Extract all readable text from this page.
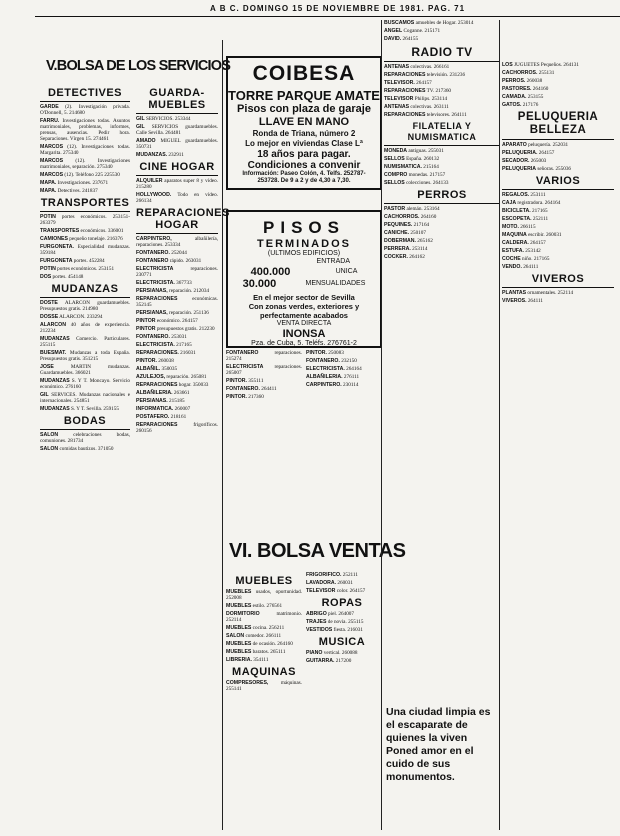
A B C. DOMINGO 15 DE NOVIEMBRE DE 1981. PAG. 71
V.BOLSA DE LOS SERVICIOS
DETECTIVES

GARDE (2). Investigación privada. O'Donnell, 5. 214680

FARRU. Investigaciones todas. Asuntos matrimoniales, problemas, informes, prensas, ausencias. Pedir hora. Separaciones. Vírgen 15. 274461

MARCOS (12). Investigaciones todas. Margarita. 275340

MARCOS (12). Investigaciones matrimoniales, separación. 275340

MARCOS (12). Teléfono 225 225530

MAPA. Investigaciones. 237671

MAPA. Detectives. 241837

TRANSPORTES

POTIN portes económicos. 253151-263379

TRANSPORTES económicos. 336001

CAMIONES pequeño tonelaje. 216376

FURGONETA. Especialidad mudanzas. 359184

FURGONETA portes. 452284

POTIN portes económicos. 253151

DOS portes. 454148

MUDANZAS

DOSTE ALARCON guardamuebles. Presupuestos gratis. 214980

DOSSE ALARCON. 233294

ALARCON 40 años de experiencia. 212234

MUDANZAS Comercio. Particulares. 255115

BUESMAT. Mudanzas a toda España. Presupuestos gratis. 351215

JOSE MARTIN mudanzas. Guardamuebles. 366021

MUDANZAS S. Y T. Moncayo. Servicio económico. 276160

GIL SERVICES. Mudanzas nacionales e internacionales. 254851

MUDANZAS S. Y T. Sevilla. 259155

BODAS

SALON celebraciones bodas, comuniones. 281734

SALON comidas bautizos. 371050

GUARDA-MUEBLES

GIL SERVICIOS. 253344

GIL SERVICIOS guardamuebles. Calle Sevilla. 264481

AMADO MIGUEL guardamuebles. 350731

MUDANZAS. 232911

CINE HOGAR

ALQUILER aparatos super 8 y vídeo. 215280

HOLLYWOOD. Todo en vídeo. 266134

REPARACIONES HOGAR

CARPINTERO, albañilería, reparaciones. 253334

FONTANERO. 252044

FONTANERO rápido. 263031

ELECTRICISTA reparaciones. 230771

ELECTRICISTA. 367733

PERSIANAS, reparación. 212034

REPARACIONES económicas. 352145

PERSIANAS, reparación. 251136

PINTOR económico. 264157

PINTOR presupuestos gratis. 212230

FONTANERO. 253031

ELECTRICISTA. 217165

REPARACIONES. 216031

PINTOR. 260038

ALBAÑIL. 350035

AZULEJOS, reparación. 265081

REPARACIONES hogar. 350033

ALBAÑILERIA. 263661

PERSIANAS. 215185

INFORMATICA. 260007

POSTAFERO. 218161

REPARACIONES frigoríficos. 260156

COIBESA
TORRE PARQUE AMATE
Pisos con plaza de garaje
LLAVE EN MANO
Ronda de Triana, número 2
Lo mejor en viviendas Clase Lª
18 años para pagar.
Condiciones a convenir
Información: Paseo Colón, 4. Telfs. 252787-253728. De 9 a 2 y de 4,30 a 7,30.
PISOS
TERMINADOS
(ULTIMOS EDIFICIOS)
ENTRADA
400.000	UNICA
30.000	MENSUALIDADES
En el mejor sector de Sevilla
Con zonas verdes, exteriores y perfectamente acabados
VENTA DIRECTA
INONSA
Pza. de Cuba, 5. Teléfs. 276761-2

FONTANERO reparaciones. 215274

ELECTRICISTA reparaciones. 265007

PINTOR. 355111

FONTANERO. 264411

PINTOR. 217360

PINTOR. 250083

FONTANERO. 232150

ELECTRICISTA. 264164

ALBAÑILERIA. 276111

CARPINTERO. 230114

VI. BOLSA VENTAS
MUEBLES

MUEBLES usados, oportunidad. 252008

MUEBLES estilo. 276561

DORMITORIO matrimonio. 252114

MUEBLES cocina. 256211

SALON comedor. 266111

MUEBLES de ocasión. 264160

MUEBLES baratos. 265111

LIBRERIA. 354111

MAQUINAS

COMPRESORES, máquinas. 255141

FRIGORIFICO. 252111

LAVADORA. 260031

TELEVISOR color. 264157

ROPAS

ABRIGO piel. 264007

TRAJES de novia. 255115

VESTIDOS fiesta. 216031

MUSICA

PIANO vertical. 260088

GUITARRA. 217200

BUSCAMOS amuebles de Hogar. 253014

ANGEL Coganne. 215171

DAVID. 264155

RADIO TV

ANTENAS colectivas. 266161

REPARACIONES televisión. 231236

TELEVISOR. 264157

REPARACIONES TV. 217360

TELEVISOR Philips. 253114

ANTENAS colectivas. 263111

REPARACIONES televisores. 264111

FILATELIA Y NUMISMATICA

MONEDA antiguas. 255031

SELLOS España. 260132

NUMISMATICA. 215164

COMPRO monedas. 217157

SELLOS colecciones. 264133

PERROS

PASTOR alemán. 253164

CACHORROS. 264160

PEQUINES. 217164

CANICHE. 250107

DOBERMAN. 265162

PERRERA. 253114

COCKER. 264162

Una ciudad limpia es el escaparate de quienes la viven
Poned amor en el cuido de sus monumentos.

LOS JUGUETES Pequeños. 264131

CACHORROS. 255131

PERROS. 260038

PASTORES. 264160

CAMADA. 253155

GATOS. 217176

PELUQUERIA BELLEZA

APARATO peluquería. 252031

PELUQUERIA. 264157

SECADOR. 265003

PELUQUERIA señoras. 255036

VARIOS

REGALOS. 253111

CAJA registradora. 264164

BICICLETA. 217165

ESCOPETA. 252111

MOTO. 266115

MAQUINA escribir. 260031

CALDERA. 264157

ESTUFA. 253142

COCHE niño. 217165

VENDO. 264111

VIVEROS

PLANTAS ornamentales. 252114

VIVEROS. 264111
